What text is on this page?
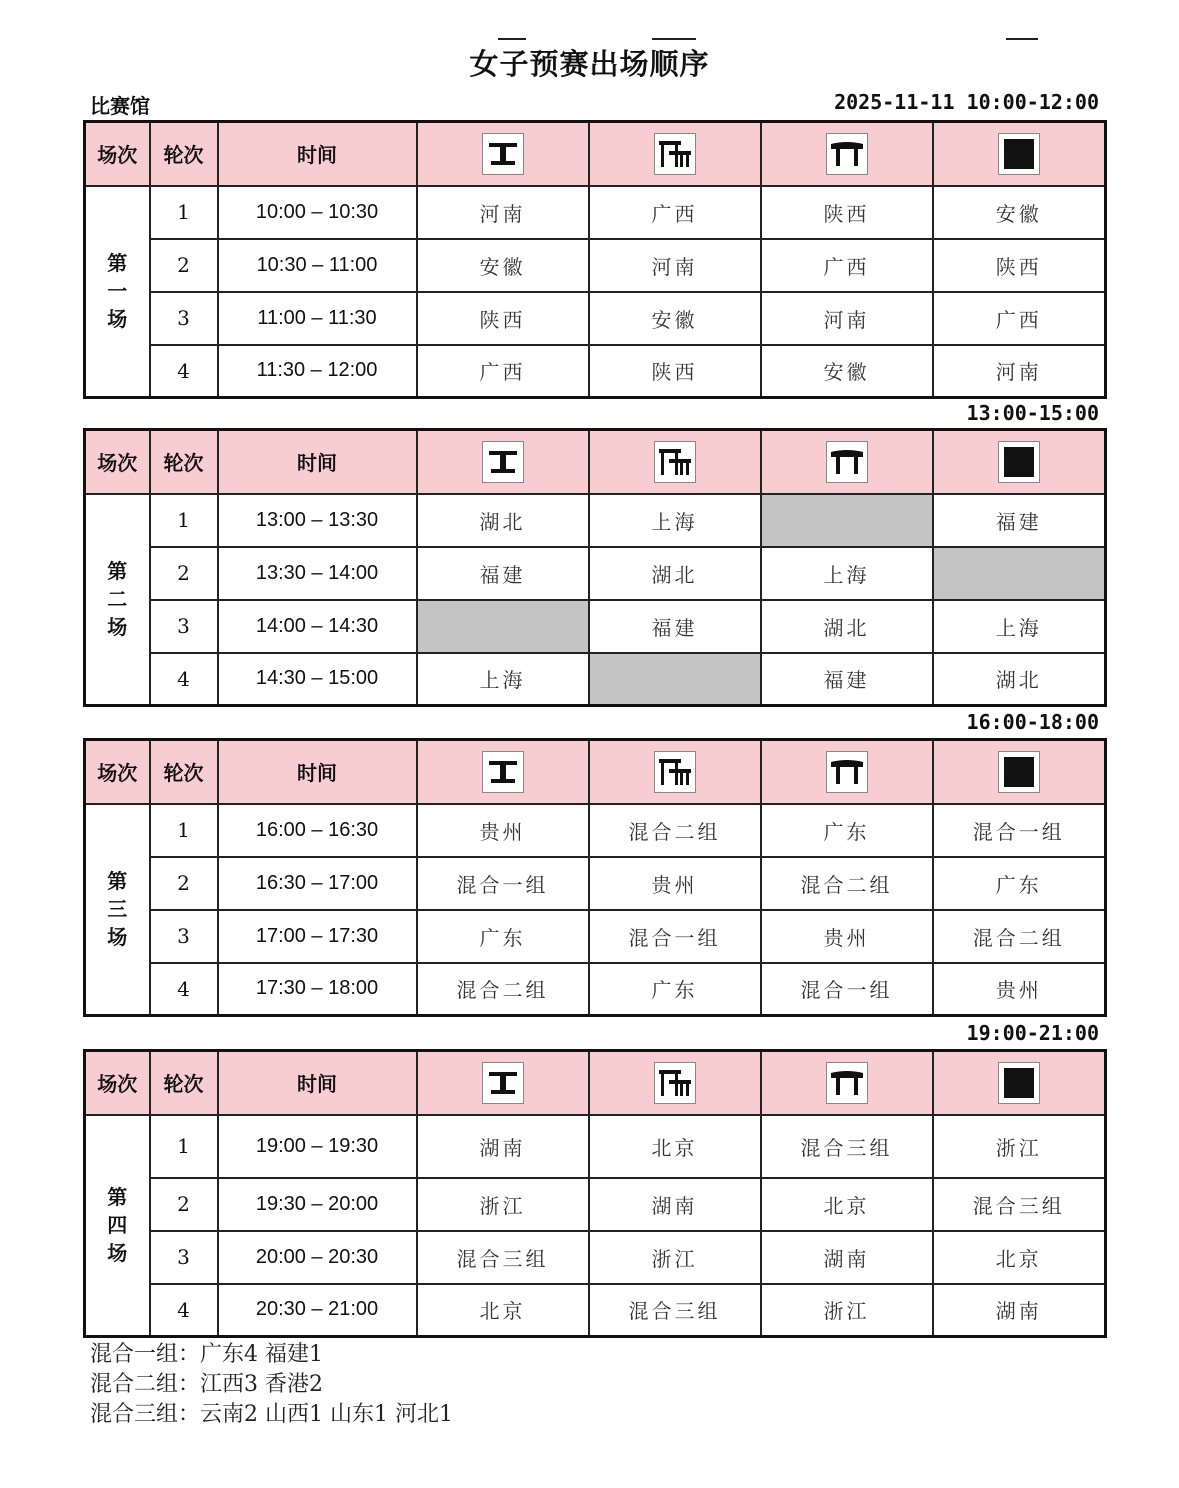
女子预赛出场顺序
比赛馆	2025-11-11 10:00-12:00
13:00-15:00
16:00-18:00
19:00-21:00
场次	轮次	时间	

第
一
场	1	10:00 – 10:30	河南	广西	陕西	安徽
	2	10:30 – 11:00	安徽	河南	广西	陕西
	3	11:00 – 11:30	陕西	安徽	河南	广西
	4	11:30 – 12:00	广西	陕西	安徽	河南
场次	轮次	时间	

第
二
场	1	13:00 – 13:30	湖北	上海		福建
	2	13:30 – 14:00	福建	湖北	上海	
	3	14:00 – 14:30		福建	湖北	上海
	4	14:30 – 15:00	上海		福建	湖北
场次	轮次	时间	

第
三
场	1	16:00 – 16:30	贵州	混合二组	广东	混合一组
	2	16:30 – 17:00	混合一组	贵州	混合二组	广东
	3	17:00 – 17:30	广东	混合一组	贵州	混合二组
	4	17:30 – 18:00	混合二组	广东	混合一组	贵州
场次	轮次	时间	

第
四
场	1	19:00 – 19:30	湖南	北京	混合三组	浙江
	2	19:30 – 20:00	浙江	湖南	北京	混合三组
	3	20:00 – 20:30	混合三组	浙江	湖南	北京
	4	20:30 – 21:00	北京	混合三组	浙江	湖南
混合一组：广东4 福建1
混合二组：江西3 香港2
混合三组：云南2 山西1 山东1 河北1
